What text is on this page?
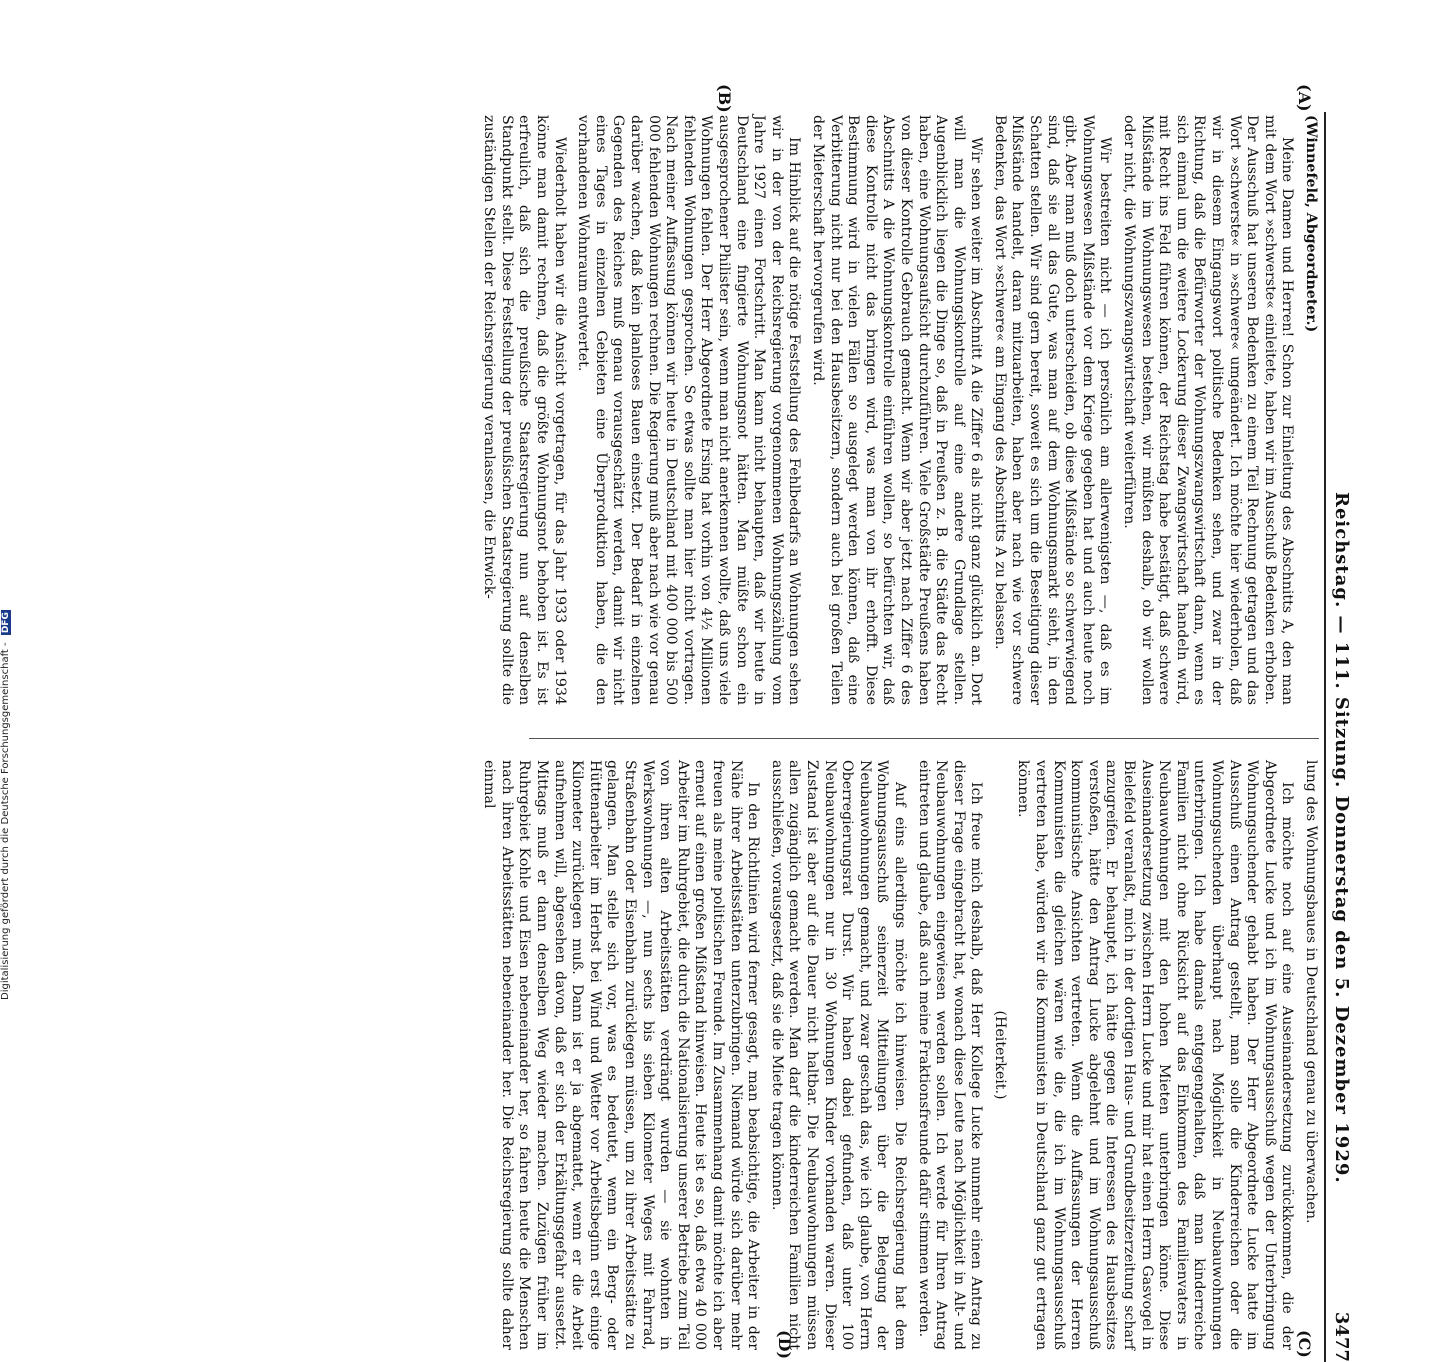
Reichstag. — 111. Sitzung. Donnerstag den 5. Dezember 1929.
3477
(A)
(B)
(C)
(D)

(Winnefeld, Abgeordneter.)

Meine Damen und Herren! Schon zur Einleitung des Abschnitts A, den man mit dem Wort »schwerste« einleitete, haben wir im Ausschuß Bedenken erhoben. Der Ausschuß hat unseren Bedenken zu einem Teil Rechnung getragen und das Wort »schwerste« in »schwere« umgeändert. Ich möchte hier wiederholen, daß wir in diesem Eingangswort politische Bedenken sehen, und zwar in der Richtung, daß die Befürworter der Wohnungszwangswirtschaft dann, wenn es sich einmal um die weitere Lockerung dieser Zwangswirtschaft handeln wird, mit Recht ins Feld führen können, der Reichstag habe bestätigt, daß schwere Mißstände im Wohnungswesen bestehen, wir müßten deshalb, ob wir wollen oder nicht, die Wohnungszwangswirtschaft weiterführen.

Wir bestreiten nicht — ich persönlich am allerwenigsten —, daß es im Wohnungswesen Mißstände vor dem Kriege gegeben hat und auch heute noch gibt. Aber man muß doch unterscheiden, ob diese Mißstände so schwerwiegend sind, daß sie all das Gute, was man auf dem Wohnungsmarkt sieht, in den Schatten stellen. Wir sind gern bereit, soweit es sich um die Beseitigung dieser Mißstände handelt, daran mitzuarbeiten, haben aber nach wie vor schwere Bedenken, das Wort »schwere« am Eingang des Abschnitts A zu belassen.

Wir sehen weiter im Abschnitt A die Ziffer 6 als nicht ganz glücklich an. Dort will man die Wohnungskontrolle auf eine andere Grundlage stellen. Augenblicklich liegen die Dinge so, daß in Preußen z. B. die Städte das Recht haben, eine Wohnungsaufsicht durchzuführen. Viele Großstädte Preußens haben von dieser Kontrolle Gebrauch gemacht. Wenn wir aber jetzt nach Ziffer 6 des Abschnitts A die Wohnungskontrolle einführen wollen, so befürchten wir, daß diese Kontrolle nicht das bringen wird, was man von ihr erhofft. Diese Bestimmung wird in vielen Fällen so ausgelegt werden können, daß eine Verbitterung nicht nur bei den Hausbesitzern, sondern auch bei großen Teilen der Mieterschaft hervorgerufen wird.

Im Hinblick auf die nötige Feststellung des Fehlbedarfs an Wohnungen sehen wir in der von der Reichsregierung vorgenommenen Wohnungszählung vom Jahre 1927 einen Fortschritt. Man kann nicht behaupten, daß wir heute in Deutschland eine fingierte Wohnungsnot hätten. Man müßte schon ein ausgesprochener Philister sein, wenn man nicht anerkennen wollte, daß uns viele Wohnungen fehlen. Der Herr Abgeordnete Ersing hat vorhin von 4½ Millionen fehlenden Wohnungen gesprochen. So etwas sollte man hier nicht vortragen. Nach meiner Auffassung können wir heute in Deutschland mit 400 000 bis 500 000 fehlenden Wohnungen rechnen. Die Regierung muß aber nach wie vor genau darüber wachen, daß kein planloses Bauen einsetzt. Der Bedarf in einzelnen Gegenden des Reiches muß genau vorausgeschätzt werden, damit wir nicht eines Tages in einzelnen Gebieten eine Überproduktion haben, die den vorhandenen Wohnraum entwertet.

Wiederholt haben wir die Ansicht vorgetragen, für das Jahr 1933 oder 1934 könne man damit rechnen, daß die größte Wohnungsnot behoben ist. Es ist erfreulich, daß sich die preußische Staatsregierung nun auf denselben Standpunkt stellt. Diese Feststellung der preußischen Staatsregierung sollte die zuständigen Stellen der Reichsregierung veranlassen, die Entwick-

lung des Wohnungsbaues in Deutschland genau zu überwachen.

Ich möchte noch auf eine Auseinandersetzung zurückkommen, die der Abgeordnete Lucke und ich im Wohnungsausschuß wegen der Unterbringung Wohnungsuchender gehabt haben. Der Herr Abgeordnete Lucke hatte im Ausschuß einen Antrag gestellt, man solle die Kinderreichen oder die Wohnungsuchenden überhaupt nach Möglichkeit in Neubauwohnungen unterbringen. Ich habe damals entgegengehalten, daß man kinderreiche Familien nicht ohne Rücksicht auf das Einkommen des Familienvaters in Neubauwohnungen mit den hohen Mieten unterbringen könne. Diese Auseinandersetzung zwischen Herrn Lucke und mir hat einen Herrn Gasvogel in Bielefeld veranlaßt, mich in der dortigen Haus- und Grundbesitzerzeitung scharf anzugreifen. Er behauptet, ich hätte gegen die Interessen des Hausbesitzes verstoßen, hätte den Antrag Lucke abgelehnt und im Wohnungsausschuß kommunistische Ansichten vertreten. Wenn die Auffassungen der Herren Kommunisten die gleichen wären wie die, die ich im Wohnungsausschuß vertreten habe, würden wir die Kommunisten in Deutschland ganz gut ertragen können.

(Heiterkeit.)

Ich freue mich deshalb, daß Herr Kollege Lucke nunmehr einen Antrag zu dieser Frage eingebracht hat, wonach diese Leute nach Möglichkeit in Alt- und Neubauwohnungen eingewiesen werden sollen. Ich werde für Ihren Antrag eintreten und glaube, daß auch meine Fraktionsfreunde dafür stimmen werden.

Auf eins allerdings möchte ich hinweisen. Die Reichsregierung hat dem Wohnungsausschuß seinerzeit Mitteilungen über die Belegung der Neubauwohnungen gemacht, und zwar geschah das, wie ich glaube, von Herrn Oberregierungsrat Durst. Wir haben dabei gefunden, daß unter 100 Neubauwohnungen nur in 30 Wohnungen Kinder vorhanden waren. Dieser Zustand ist aber auf die Dauer nicht haltbar. Die Neubauwohnungen müssen allen zugänglich gemacht werden. Man darf die kinderreichen Familien nicht ausschließen, vorausgesetzt, daß sie die Miete tragen können.

In den Richtlinien wird ferner gesagt, man beabsichtige, die Arbeiter in der Nähe ihrer Arbeitsstätten unterzubringen. Niemand würde sich darüber mehr freuen als meine politischen Freunde. Im Zusammenhang damit möchte ich aber erneut auf einen großen Mißstand hinweisen. Heute ist es so, daß etwa 40 000 Arbeiter im Ruhrgebiet, die durch die Nationalisierung unserer Betriebe zum Teil von ihren alten Arbeitsstätten verdrängt wurden — sie wohnten in Werkswohnungen —, nun sechs bis sieben Kilometer Weges mit Fahrrad, Straßenbahn oder Eisenbahn zurücklegen müssen, um zu ihrer Arbeitsstätte zu gelangen. Man stelle sich vor, was es bedeutet, wenn ein Berg- oder Hüttenarbeiter im Herbst bei Wind und Wetter vor Arbeitsbeginn erst einige Kilometer zurücklegen muß. Dann ist er ja abgemattet, wenn er die Arbeit aufnehmen will, abgesehen davon, daß er sich der Erkältungsgefahr aussetzt. Mittags muß er dann denselben Weg wieder machen. Zuzügen früher im Ruhrgebiet Kohle und Eisen nebeneinander her, so fahren heute die Menschen nach ihren Arbeitsstätten nebeneinander her. Die Reichsregierung sollte daher einmal

Digitalisierung gefördert durch die Deutsche Forschungsgemeinschaft - DFG
